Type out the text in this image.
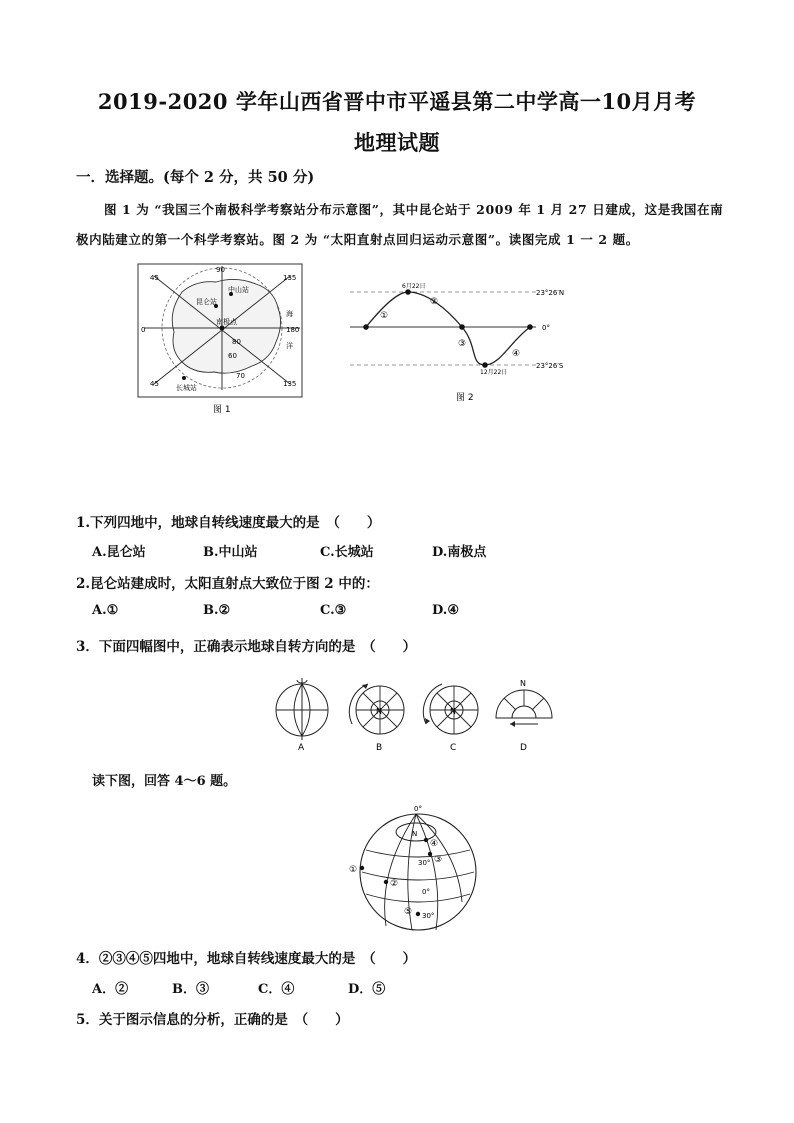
2019-2020 学年山西省晋中市平遥县第二中学高一10月月考
地理试题
一．选择题。(每个 2 分，共 50 分)
图 1 为 “我国三个南极科学考察站分布示意图”，其中昆仑站于 2009 年 1 月 27 日建成，这是我国在南
极内陆建立的第一个科学考察站。图 2 为 “太阳直射点回归运动示意图”。读图完成 1 一 2 题。
45
90
135
0	180
45	135
60
70
80
中山站
昆仑站
南极点
长城站
海
洋
图 1
23°26′N
0°
23°26′S
6月22日
12月22日
①
②
③
④
图 2
1.下列四地中，地球自转线速度最大的是　（　　）
A.昆仑站	B.中山站	C.长城站	D.南极点
2.昆仑站建成时，太阳直射点大致位于图 2 中的：
A.①	B.②	C.③	D.④
3．下面四幅图中，正确表示地球自转方向的是　（　　）
A
N
B
N
C
N
D
读下图，回答 4～6 题。
0°
N
30°
0°
30°
①
②
③
④
⑤
4．②③④⑤四地中，地球自转线速度最大的是　（　　）
A．②	B．③	C．④	D．⑤
5．关于图示信息的分析，正确的是　（　　）
